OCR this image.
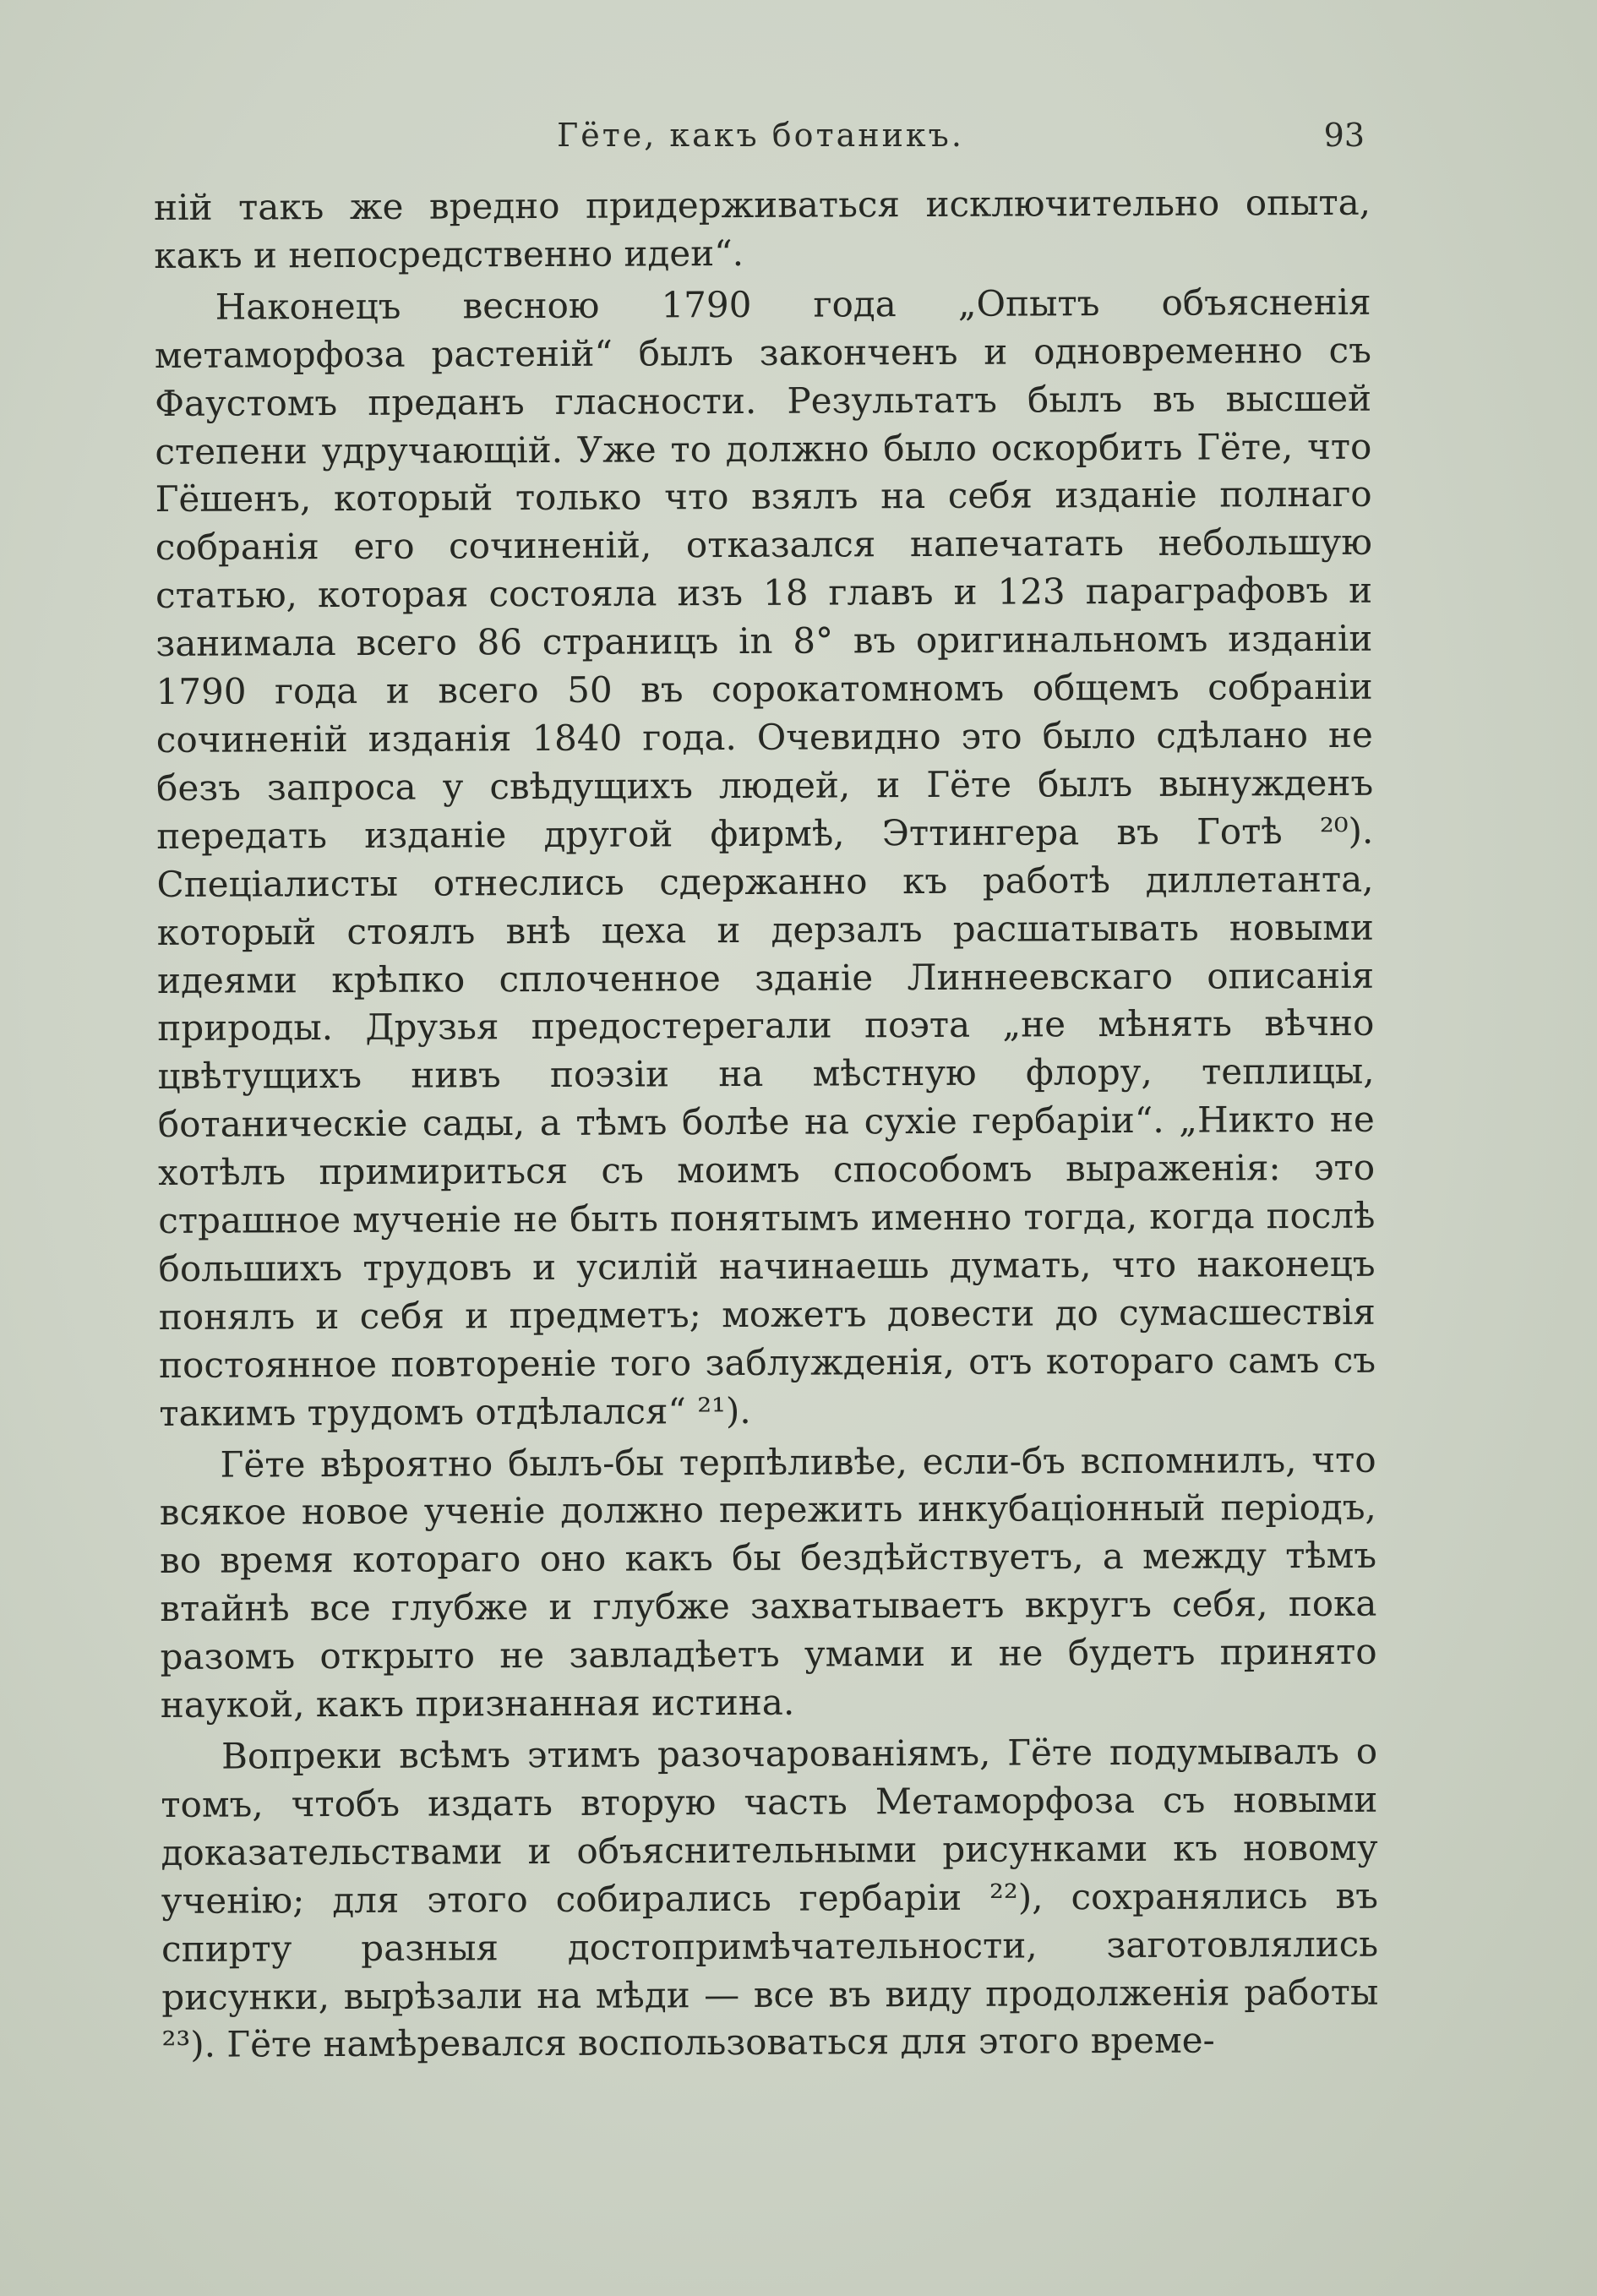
Гёте, какъ ботаникъ.	93

нiй такъ же вредно придерживаться исключительно опыта, какъ и непосредственно идеи“.

Наконецъ весною 1790 года „Опытъ объясненія метаморфоза растеній“ былъ законченъ и одновременно съ Фаустомъ преданъ гласности. Результатъ былъ въ высшей степени удручающій. Уже то должно было оскорбить Гёте, что Гёшенъ, который только что взялъ на себя изданіе полнаго собранія его сочиненій, отказался напечатать небольшую статью, которая состояла изъ 18 главъ и 123 параграфовъ и занимала всего 86 страницъ in 8° въ оригинальномъ изданіи 1790 года и всего 50 въ сорокатомномъ общемъ собраніи сочиненій изданія 1840 года. Очевидно это было сдѣлано не безъ запроса у свѣдущихъ людей, и Гёте былъ вынужденъ передать изданіе другой фирмѣ, Эттингера въ Готѣ ²⁰). Спеціалисты отнеслись сдержанно къ работѣ диллетанта, который стоялъ внѣ цеха и дерзалъ расшатывать новыми идеями крѣпко сплоченное зданіе Линнеевскаго описанія природы. Друзья предостерегали поэта „не мѣнять вѣчно цвѣтущихъ нивъ поэзіи на мѣстную флору, теплицы, ботаническіе сады, а тѣмъ болѣе на сухіе гербаріи“. „Никто не хотѣлъ примириться съ моимъ способомъ выраженія: это страшное мученіе не быть понятымъ именно тогда, когда послѣ большихъ трудовъ и усилій начинаешь думать, что наконецъ понялъ и себя и предметъ; можетъ довести до сумасшествія постоянное повтореніе того заблужденія, отъ котораго самъ съ такимъ трудомъ отдѣлался“ ²¹).

Гёте вѣроятно былъ-бы терпѣливѣе, если-бъ вспомнилъ, что всякое новое ученіе должно пережить инкубаціонный періодъ, во время котораго оно какъ бы бездѣйствуетъ, а между тѣмъ втайнѣ все глубже и глубже захватываетъ вкругъ себя, пока разомъ открыто не завладѣетъ умами и не будетъ принято наукой, какъ признанная истина.

Вопреки всѣмъ этимъ разочарованіямъ, Гёте подумывалъ о томъ, чтобъ издать вторую часть Метаморфоза съ новыми доказательствами и объяснительными рисунками къ новому ученію; для этого собирались гербаріи ²²), сохранялись въ спирту разныя достопримѣчательности, заготовлялись рисунки, вырѣзали на мѣди — все въ виду продолженія работы ²³). Гёте намѣревался воспользоваться для этого време-
